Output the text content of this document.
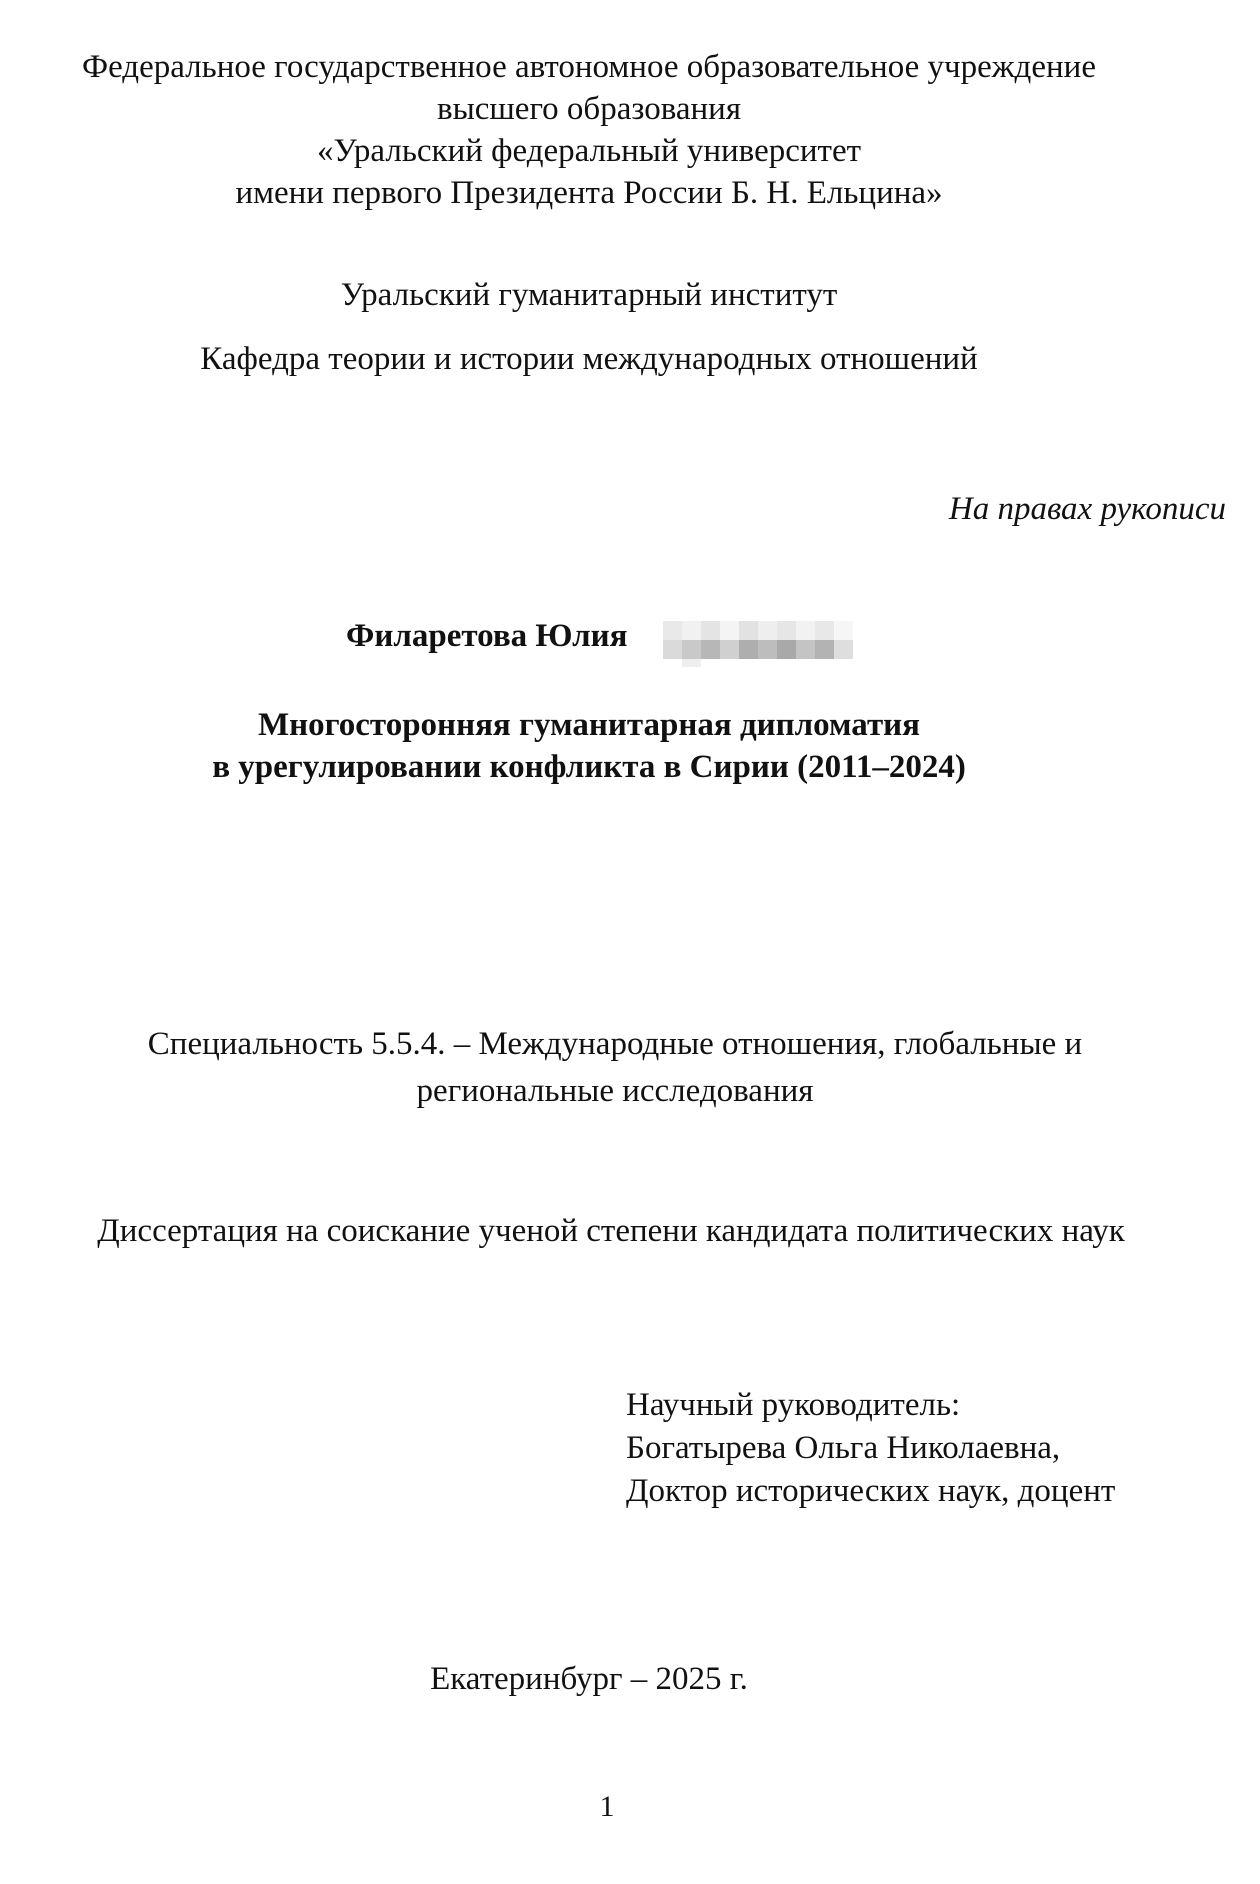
Федеральное государственное автономное образовательное учреждение
высшего образования
«Уральский федеральный университет
имени первого Президента России Б. Н. Ельцина»
Уральский гуманитарный институт
Кафедра теории и истории международных отношений
На правах рукописи
Филаретова Юлия
Многосторонняя гуманитарная дипломатия
в урегулировании конфликта в Сирии (2011–2024)
Специальность 5.5.4. – Международные отношения, глобальные и
региональные исследования
Диссертация на соискание ученой степени кандидата политических наук
Научный руководитель:
Богатырева Ольга Николаевна,
Доктор исторических наук, доцент
Екатеринбург – 2025 г.
1
